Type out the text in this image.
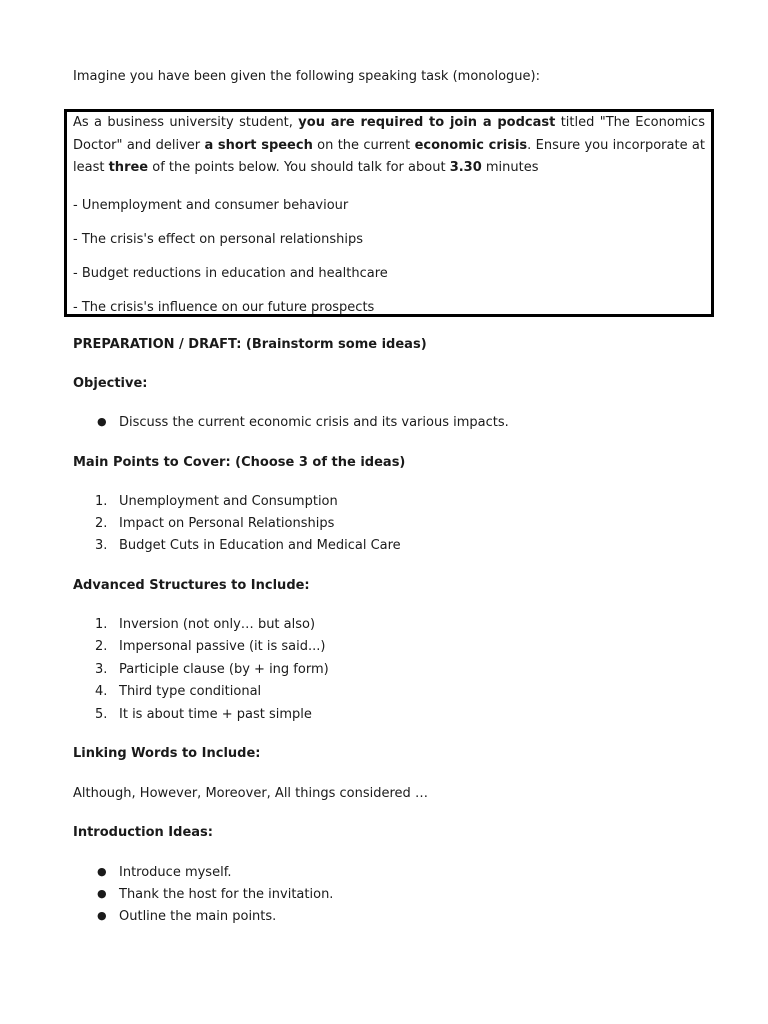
Imagine you have been given the following speaking task (monologue):

As a business university student, you are required to join a podcast titled "The Economics Doctor" and deliver a short speech on the current economic crisis. Ensure you incorporate at least three of the points below. You should talk for about 3.30 minutes

- Unemployment and consumer behaviour
- The crisis's effect on personal relationships
- Budget reductions in education and healthcare
- The crisis's influence on our future prospects
PREPARATION / DRAFT: (Brainstorm some ideas)
Objective:
● Discuss the current economic crisis and its various impacts.
Main Points to Cover: (Choose 3 of the ideas)
1. Unemployment and Consumption
2. Impact on Personal Relationships
3. Budget Cuts in Education and Medical Care
Advanced Structures to Include:
1. Inversion (not only… but also)
2. Impersonal passive (it is said...)
3. Participle clause (by + ing form)
4. Third type conditional
5. It is about time + past simple
Linking Words to Include:
Although, However, Moreover, All things considered …
Introduction Ideas:
● Introduce myself.
● Thank the host for the invitation.
● Outline the main points.
